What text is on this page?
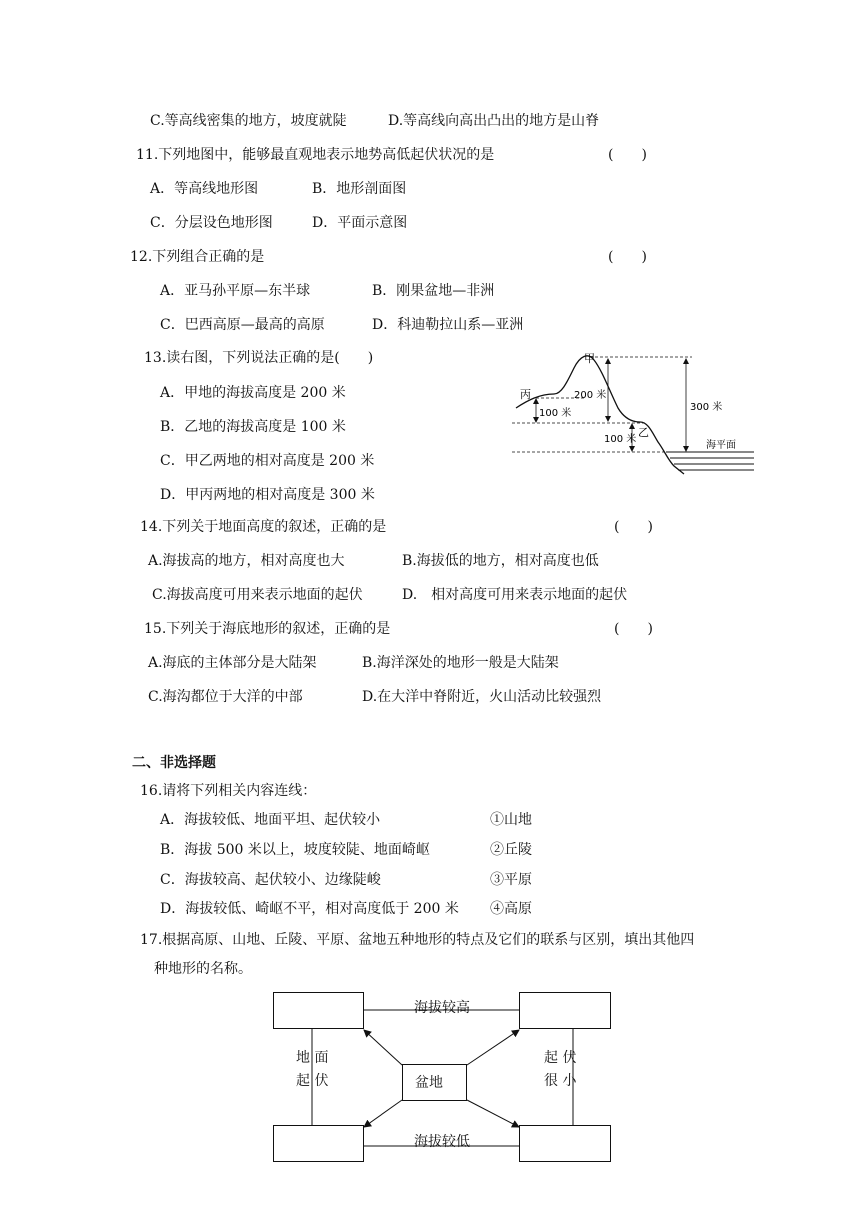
C.等高线密集的地方，坡度就陡	D.等高线向高出凸出的地方是山脊
11.下列地图中，能够最直观地表示地势高低起伏状况的是	(　　)
A．等高线地形图	B．地形剖面图
C．分层设色地形图	D．平面示意图
12.下列组合正确的是	(　　)
A．亚马孙平原—东半球	B．刚果盆地—非洲
C．巴西高原—最高的高原	D．科迪勒拉山系—亚洲
13.读右图，下列说法正确的是(　　)
A．甲地的海拔高度是 200 米
B．乙地的海拔高度是 100 米
C．甲乙两地的相对高度是 200 米
D．甲丙两地的相对高度是 300 米
甲
丙
乙
200 米
100 米
300 米
100 米
海平面
14.下列关于地面高度的叙述，正确的是	(　　)
A.海拔高的地方，相对高度也大	B.海拔低的地方，相对高度也低
C.海拔高度可用来表示地面的起伏	D.　相对高度可用来表示地面的起伏
15.下列关于海底地形的叙述，正确的是	(　　)
A.海底的主体部分是大陆架	B.海洋深处的地形一般是大陆架
C.海沟都位于大洋的中部	D.在大洋中脊附近，火山活动比较强烈
二、非选择题
16.请将下列相关内容连线：
A．海拔较低、地面平坦、起伏较小	①山地
B．海拔 500 米以上，坡度较陡、地面崎岖	②丘陵
C．海拔较高、起伏较小、边缘陡峻	③平原
D．海拔较低、崎岖不平，相对高度低于 200 米 ④高原
17.根据高原、山地、丘陵、平原、盆地五种地形的特点及它们的联系与区别，填出其他四
种地形的名称。
盆地
海拔较高
海拔较低
地 面
起 伏
起 伏
很 小
